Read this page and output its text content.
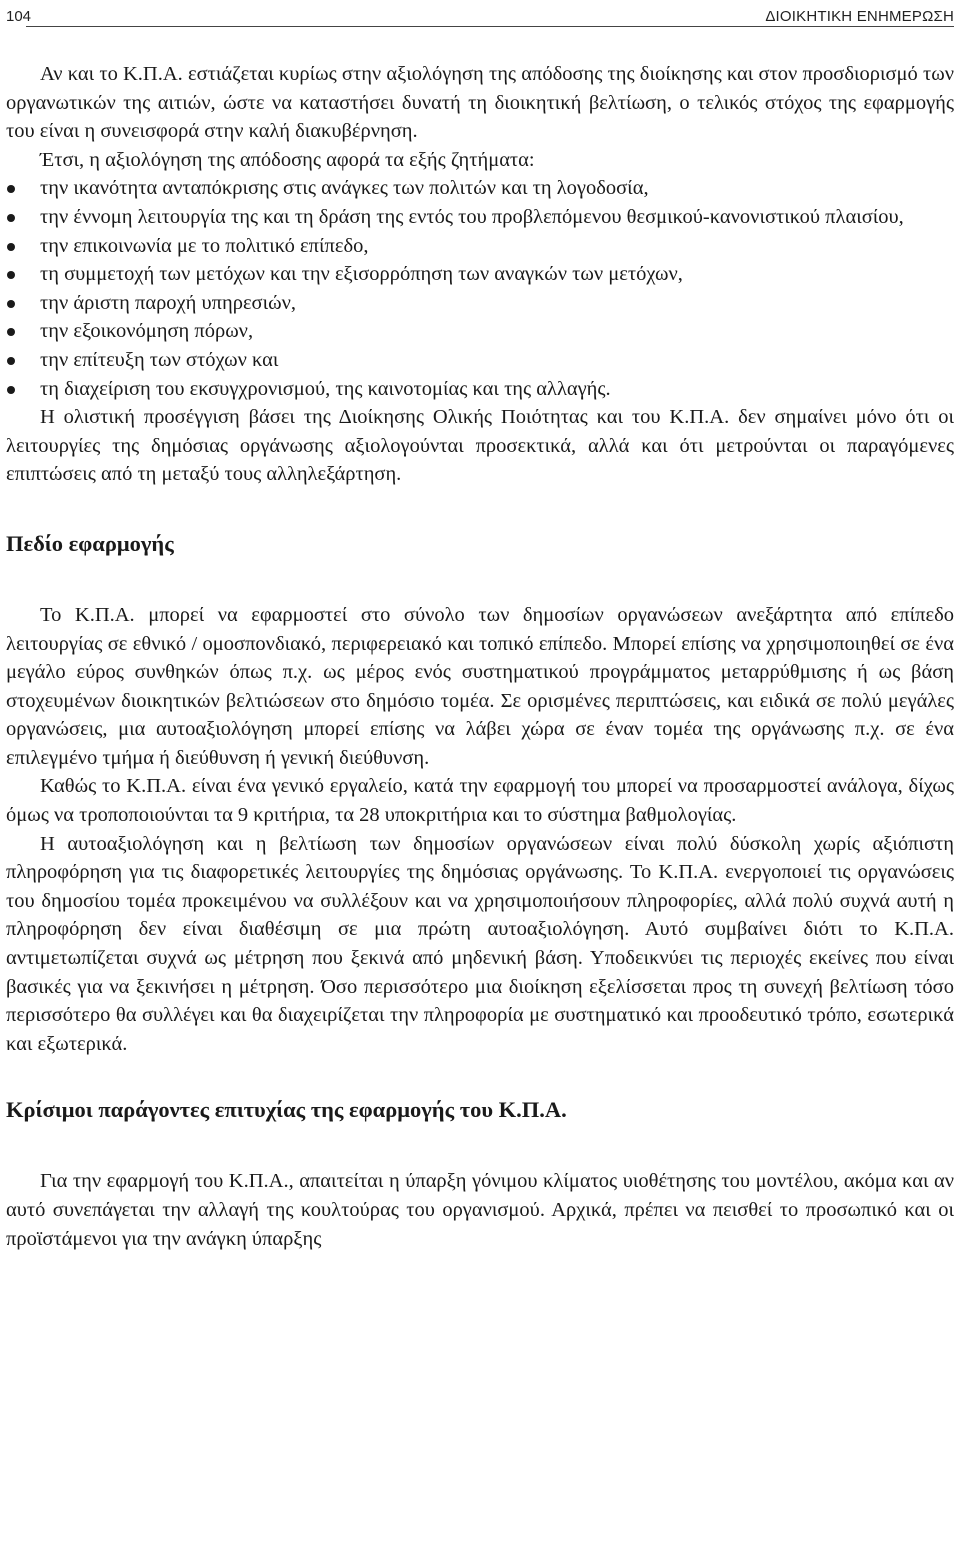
104	ΔΙΟΙΚΗΤΙΚΗ ΕΝΗΜΕΡΩΣΗ

Αν και το Κ.Π.Α. εστιάζεται κυρίως στην αξιολόγηση της απόδοσης της διοίκησης και στον προσδιορισμό των οργανωτικών της αιτιών, ώστε να καταστήσει δυνατή τη διοικητική βελτίωση, ο τελικός στόχος της εφαρμογής του είναι η συνεισφορά στην καλή διακυβέρνηση.

Έτσι, η αξιολόγηση της απόδοσης αφορά τα εξής ζητήματα:

την ικανότητα ανταπόκρισης στις ανάγκες των πολιτών και τη λογοδοσία,
την έννομη λειτουργία της και τη δράση της εντός του προβλεπόμενου θεσμικού-κανονιστικού πλαισίου,
την επικοινωνία με το πολιτικό επίπεδο,
τη συμμετοχή των μετόχων και την εξισορρόπηση των αναγκών των μετόχων,
την άριστη παροχή υπηρεσιών,
την εξοικονόμηση πόρων,
την επίτευξη των στόχων και
τη διαχείριση του εκσυγχρονισμού, της καινοτομίας και της αλλαγής.

Η ολιστική προσέγγιση βάσει της Διοίκησης Ολικής Ποιότητας και του Κ.Π.Α. δεν σημαίνει μόνο ότι οι λειτουργίες της δημόσιας οργάνωσης αξιολογούνται προσεκτικά, αλλά και ότι μετρούνται οι παραγόμενες επιπτώσεις από τη μεταξύ τους αλληλεξάρτηση.

Πεδίο εφαρμογής

Το Κ.Π.Α. μπορεί να εφαρμοστεί στο σύνολο των δημοσίων οργανώσεων ανεξάρτητα από επίπεδο λειτουργίας σε εθνικό / ομοσπονδιακό, περιφερειακό και τοπικό επίπεδο. Μπορεί επίσης να χρησιμοποιηθεί σε ένα μεγάλο εύρος συνθηκών όπως π.χ. ως μέρος ενός συστηματικού προγράμματος μεταρρύθμισης ή ως βάση στοχευμένων διοικητικών βελτιώσεων στο δημόσιο τομέα. Σε ορισμένες περιπτώσεις, και ειδικά σε πολύ μεγάλες οργανώσεις, μια αυτοαξιολόγηση μπορεί επίσης να λάβει χώρα σε έναν τομέα της οργάνωσης π.χ. σε ένα επιλεγμένο τμήμα ή διεύθυνση ή γενική διεύθυνση.

Καθώς το Κ.Π.Α. είναι ένα γενικό εργαλείο, κατά την εφαρμογή του μπορεί να προσαρμοστεί ανάλογα, δίχως όμως να τροποποιούνται τα 9 κριτήρια, τα 28 υποκριτήρια και το σύστημα βαθμολογίας.

Η αυτοαξιολόγηση και η βελτίωση των δημοσίων οργανώσεων είναι πολύ δύσκολη χωρίς αξιόπιστη πληροφόρηση για τις διαφορετικές λειτουργίες της δημόσιας οργάνωσης. Το Κ.Π.Α. ενεργοποιεί τις οργανώσεις του δημοσίου τομέα προκειμένου να συλλέξουν και να χρησιμοποιήσουν πληροφορίες, αλλά πολύ συχνά αυτή η πληροφόρηση δεν είναι διαθέσιμη σε μια πρώτη αυτοαξιολόγηση. Αυτό συμβαίνει διότι το Κ.Π.Α. αντιμετωπίζεται συχνά ως μέτρηση που ξεκινά από μηδενική βάση. Υποδεικνύει τις περιοχές εκείνες που είναι βασικές για να ξεκινήσει η μέτρηση. Όσο περισσότερο μια διοίκηση εξελίσσεται προς τη συνεχή βελτίωση τόσο περισσότερο θα συλλέγει και θα διαχειρίζεται την πληροφορία με συστηματικό και προοδευτικό τρόπο, εσωτερικά και εξωτερικά.

Κρίσιμοι παράγοντες επιτυχίας της εφαρμογής του Κ.Π.Α.

Για την εφαρμογή του Κ.Π.Α., απαιτείται η ύπαρξη γόνιμου κλίματος υιοθέτησης του μοντέλου, ακόμα και αν αυτό συνεπάγεται την αλλαγή της κουλτούρας του οργανισμού. Αρχικά, πρέπει να πεισθεί το προσωπικό και οι προϊστάμενοι για την ανάγκη ύπαρξης
